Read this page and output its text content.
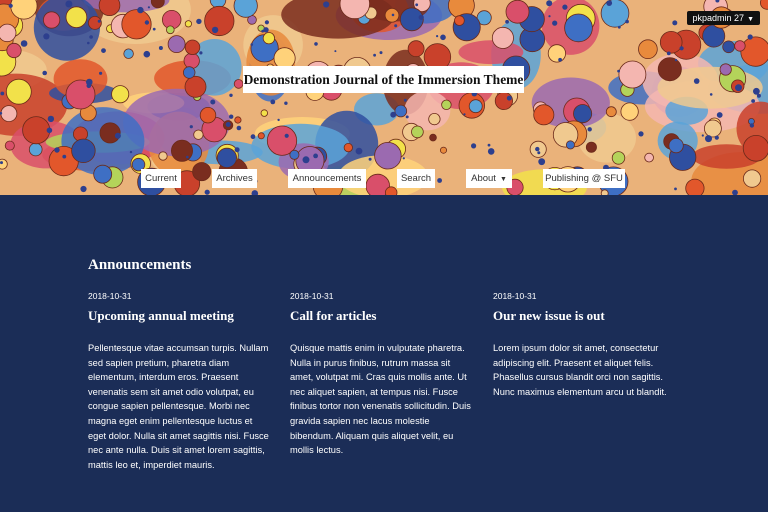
pkpadmin 27 ▼
Demonstration Journal of the Immersion Theme
Current	Archives	Announcements	Search	About ▼	Publishing @ SFU
Announcements
2018-10-31
Upcoming annual meeting
Pellentesque vitae accumsan turpis. Nullam sed sapien pretium, pharetra diam elementum, interdum eros. Praesent venenatis sem sit amet odio volutpat, eu congue sapien pellentesque. Morbi nec magna eget enim pellentesque luctus et eget dolor. Nulla sit amet sagittis nisi. Fusce nec ante nulla. Duis sit amet lorem sagittis, mattis leo et, imperdiet mauris.
2018-10-31
Call for articles
Quisque mattis enim in vulputate pharetra. Nulla in purus finibus, rutrum massa sit amet, volutpat mi. Cras quis mollis ante. Ut nec aliquet sapien, at tempus nisi. Fusce finibus tortor non venenatis sollicitudin. Duis gravida sapien nec lacus molestie bibendum. Aliquam quis aliquet velit, eu mollis lectus.
2018-10-31
Our new issue is out
Lorem ipsum dolor sit amet, consectetur adipiscing elit. Praesent et aliquet felis. Phasellus cursus blandit orci non sagittis. Nunc maximus elementum arcu ut blandit.
